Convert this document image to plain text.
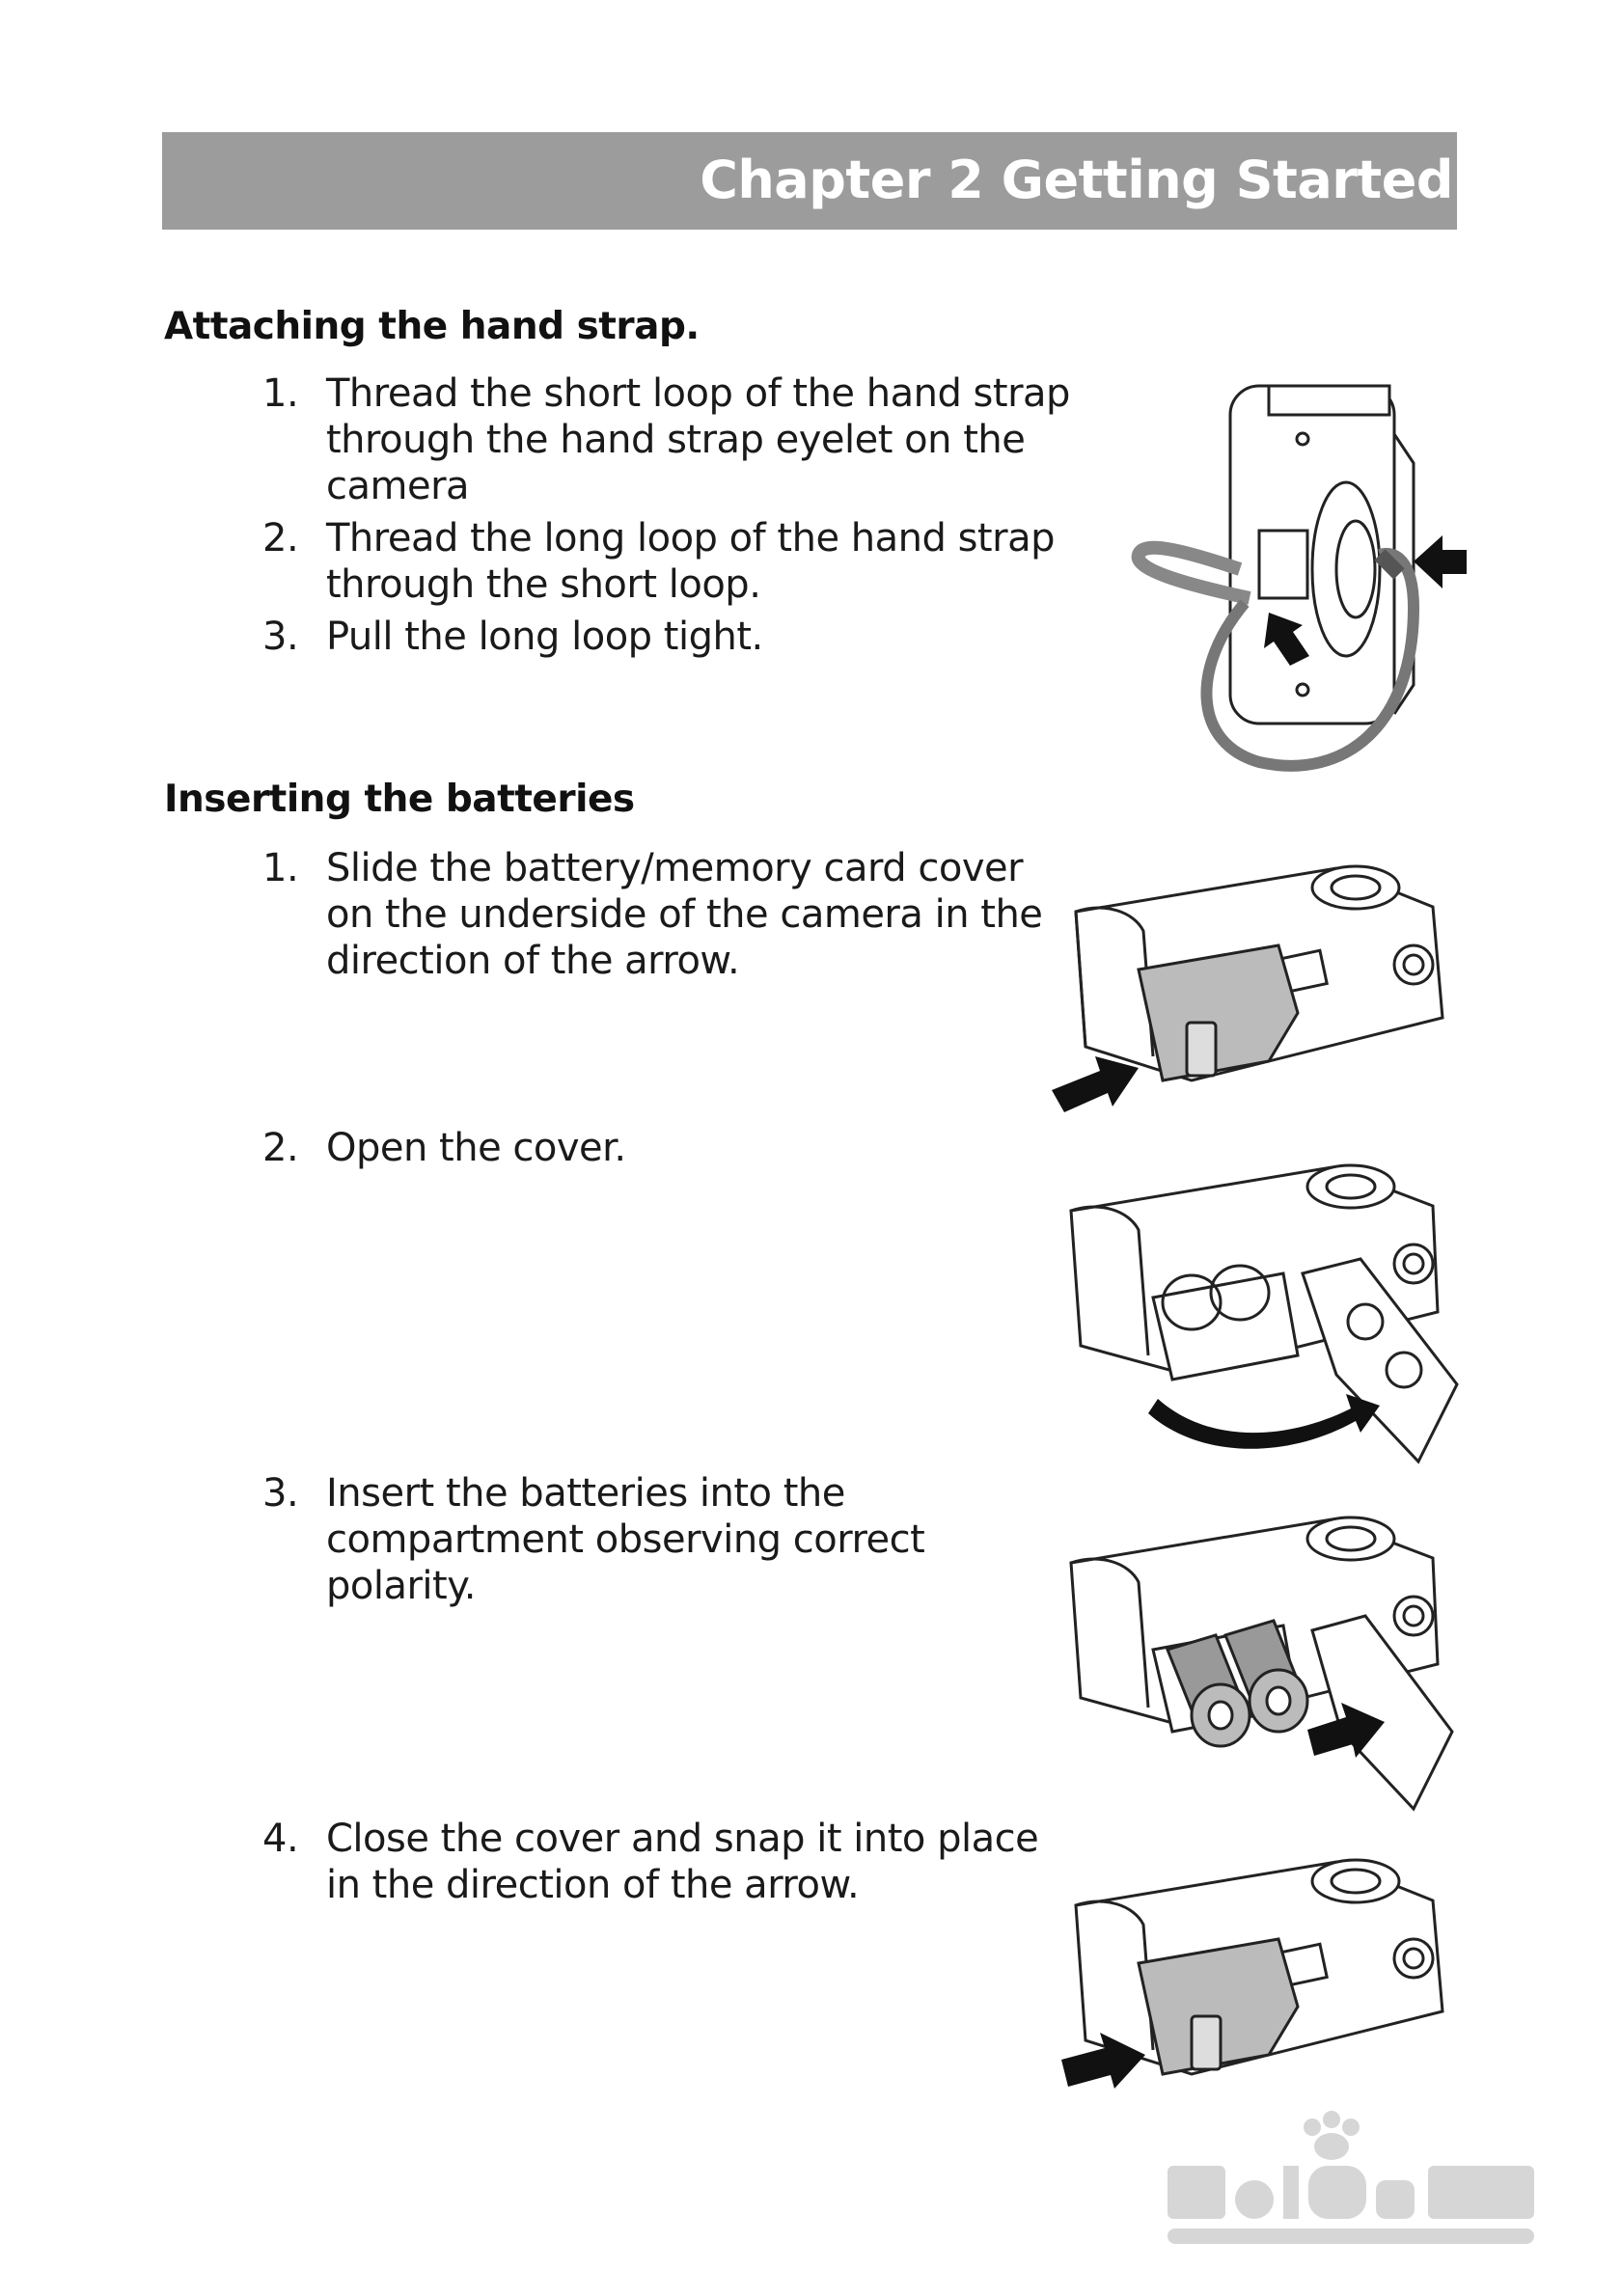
Chapter 2 Getting Started
Attaching the hand strap.
1. Thread the short loop of the hand strap through the hand strap eyelet on the camera
2. Thread the long loop of the hand strap through the short loop.
3. Pull the long loop tight.
Inserting the batteries
1. Slide the battery/memory card cover on the underside of the camera in the direction of the arrow.
2. Open the cover.
3. Insert the batteries into the compartment observing correct polarity.
4. Close the cover and snap it into place in the direction of the arrow.
